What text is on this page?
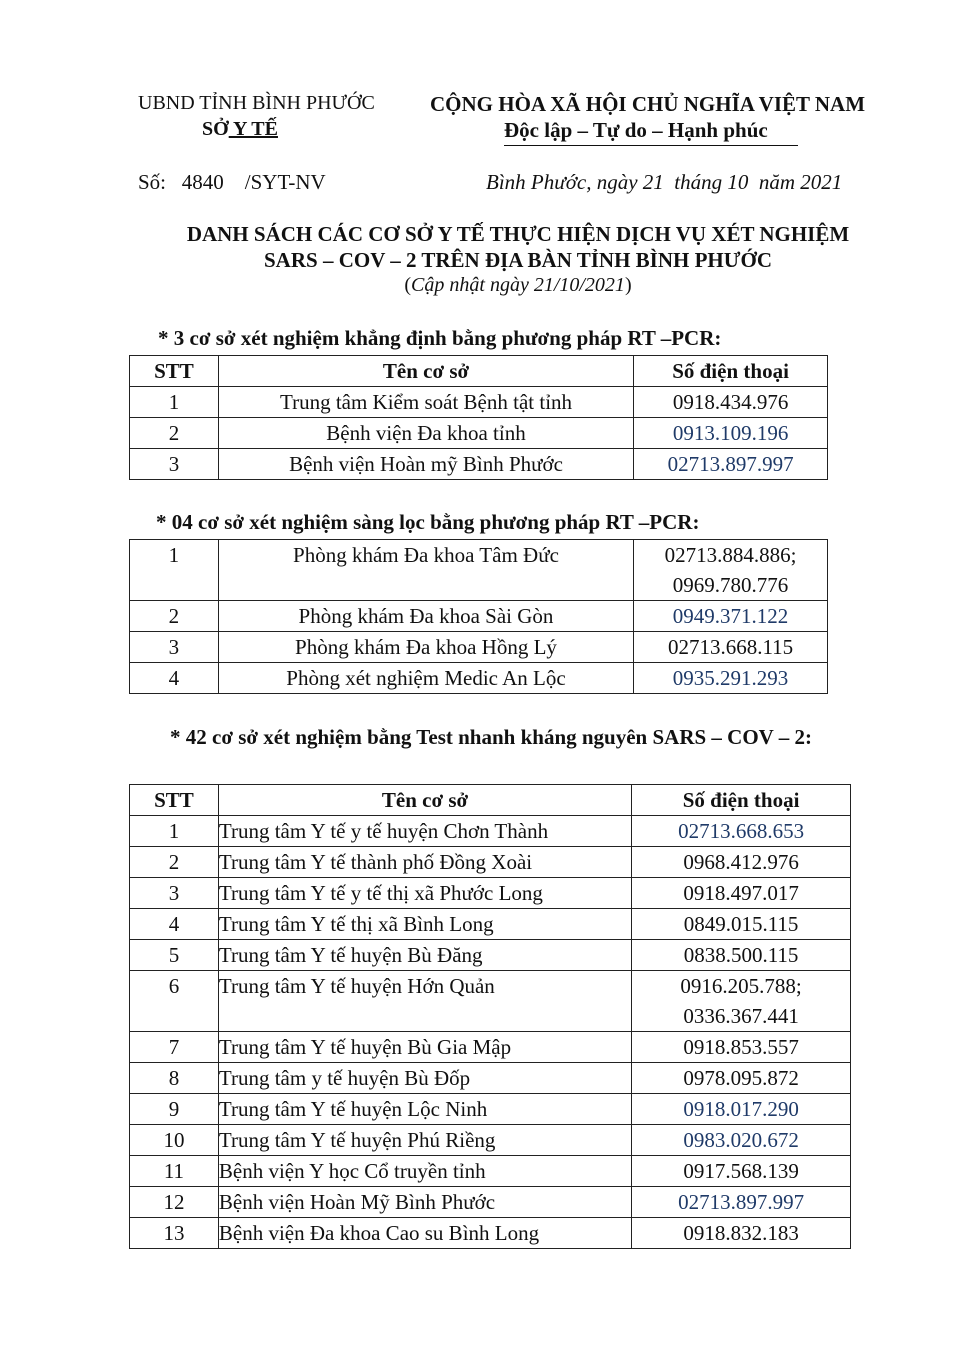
UBND TỈNH BÌNH PHƯỚC
SỞ Y TẾ
CỘNG HÒA XÃ HỘI CHỦ NGHĨA VIỆT NAM
Độc lập – Tự do – Hạnh phúc
Số:   4840    /SYT-NV	Bình Phước, ngày 21  tháng 10  năm 2021
DANH SÁCH CÁC CƠ SỞ Y TẾ THỰC HIỆN DỊCH VỤ XÉT NGHIỆM
SARS – COV – 2 TRÊN ĐỊA BÀN TỈNH BÌNH PHƯỚC
(Cập nhật ngày 21/10/2021)
* 3 cơ sở xét nghiệm khẳng định bằng phương pháp RT –PCR:
STT	Tên cơ sở	Số điện thoại
1	Trung tâm Kiểm soát Bệnh tật tỉnh	0918.434.976
2	Bệnh viện Đa khoa tỉnh	0913.109.196
3	Bệnh viện Hoàn mỹ Bình Phước	02713.897.997
* 04 cơ sở xét nghiệm sàng lọc bằng phương pháp RT –PCR:
1	Phòng khám Đa khoa Tâm Đức	02713.884.886;
0969.780.776

2	Phòng khám Đa khoa Sài Gòn	0949.371.122
3	Phòng khám Đa khoa Hồng Lý	02713.668.115
4	Phòng xét nghiệm Medic An Lộc	0935.291.293
* 42 cơ sở xét nghiệm bằng Test nhanh kháng nguyên SARS – COV – 2:
STT	Tên cơ sở	Số điện thoại
1	Trung tâm Y tế y tế huyện Chơn Thành	02713.668.653
2	Trung tâm Y tế thành phố Đồng Xoài	0968.412.976
3	Trung tâm Y tế y tế thị xã Phước Long	0918.497.017
4	Trung tâm Y tế thị xã Bình Long	0849.015.115
5	Trung tâm Y tế huyện Bù Đăng	0838.500.115
6	Trung tâm Y tế huyện Hớn Quản	0916.205.788;
0336.367.441

7	Trung tâm Y tế huyện Bù Gia Mập	0918.853.557
8	Trung tâm y tế huyện Bù Đốp	0978.095.872
9	Trung tâm Y tế huyện Lộc Ninh	0918.017.290
10	Trung tâm Y tế huyện Phú Riềng	0983.020.672
11	Bệnh viện Y học Cổ truyền tỉnh	0917.568.139
12	Bệnh viện Hoàn Mỹ Bình Phước	02713.897.997
13	Bệnh viện Đa khoa Cao su Bình Long	0918.832.183
